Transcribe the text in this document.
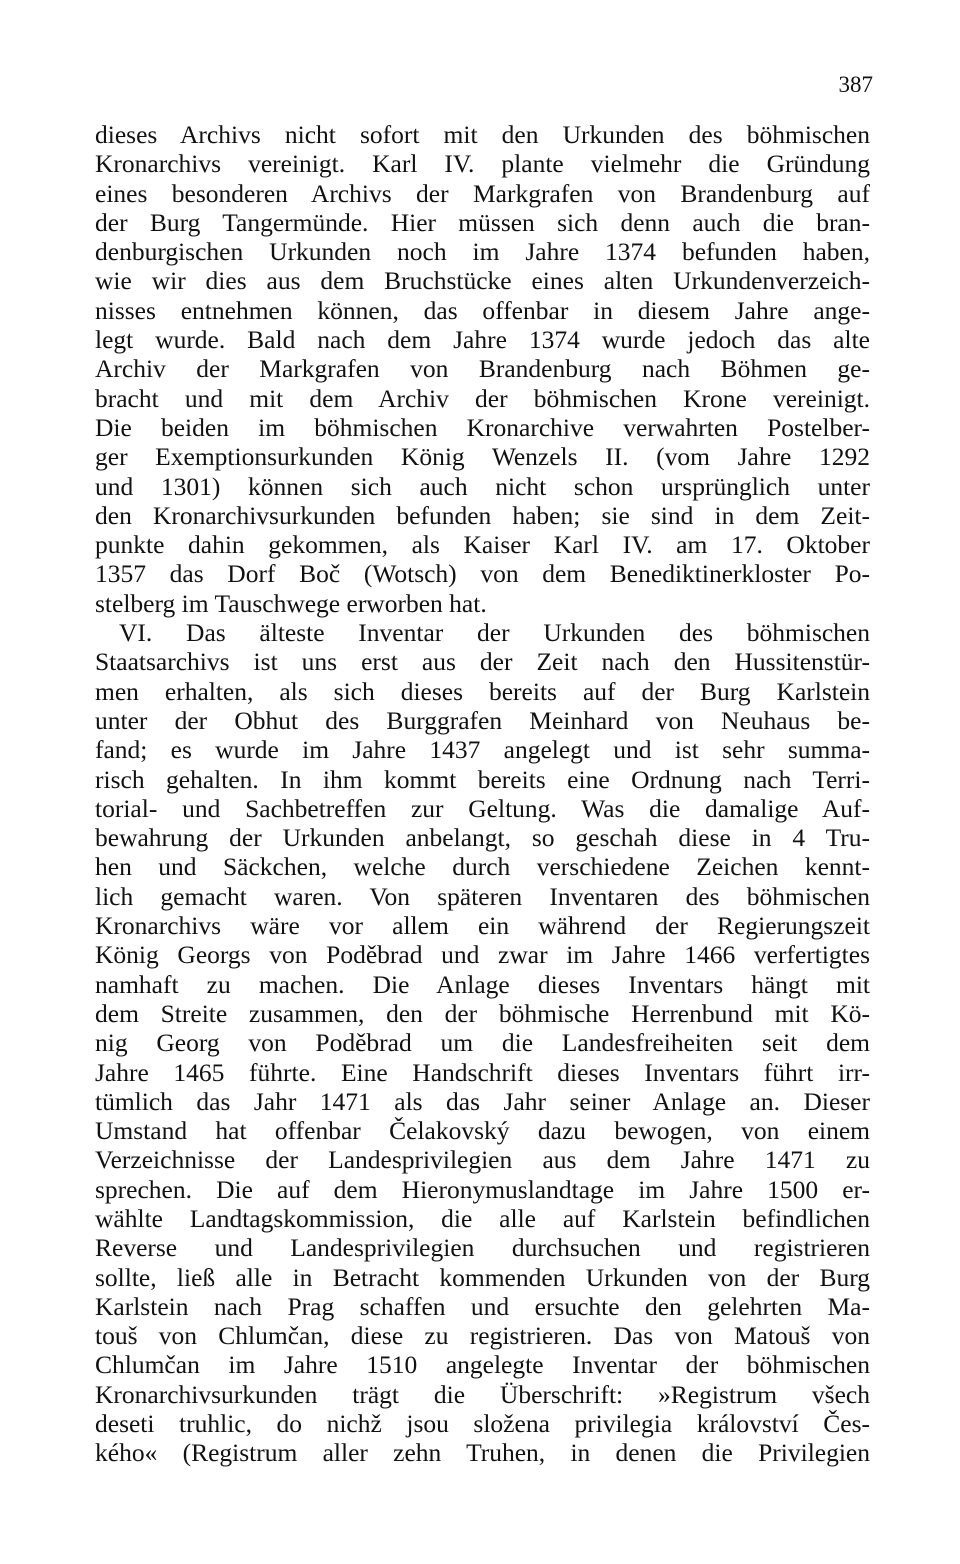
387
dieses Archivs nicht sofort mit den Urkunden des böhmischen
Kronarchivs vereinigt. Karl IV. plante vielmehr die Gründung
eines besonderen Archivs der Markgrafen von Brandenburg auf
der Burg Tangermünde. Hier müssen sich denn auch die bran-
denburgischen Urkunden noch im Jahre 1374 befunden haben,
wie wir dies aus dem Bruchstücke eines alten Urkundenverzeich-
nisses entnehmen können, das offenbar in diesem Jahre ange-
legt wurde. Bald nach dem Jahre 1374 wurde jedoch das alte
Archiv der Markgrafen von Brandenburg nach Böhmen ge-
bracht und mit dem Archiv der böhmischen Krone vereinigt.
Die beiden im böhmischen Kronarchive verwahrten Postelber-
ger Exemptionsurkunden König Wenzels II. (vom Jahre 1292
und 1301) können sich auch nicht schon ursprünglich unter
den Kronarchivsurkunden befunden haben; sie sind in dem Zeit-
punkte dahin gekommen, als Kaiser Karl IV. am 17. Oktober
1357 das Dorf Boč (Wotsch) von dem Benediktinerkloster Po-
stelberg im Tauschwege erworben hat.
VI. Das älteste Inventar der Urkunden des böhmischen
Staatsarchivs ist uns erst aus der Zeit nach den Hussitenstür-
men erhalten, als sich dieses bereits auf der Burg Karlstein
unter der Obhut des Burggrafen Meinhard von Neuhaus be-
fand; es wurde im Jahre 1437 angelegt und ist sehr summa-
risch gehalten. In ihm kommt bereits eine Ordnung nach Terri-
torial- und Sachbetreffen zur Geltung. Was die damalige Auf-
bewahrung der Urkunden anbelangt, so geschah diese in 4 Tru-
hen und Säckchen, welche durch verschiedene Zeichen kennt-
lich gemacht waren. Von späteren Inventaren des böhmischen
Kronarchivs wäre vor allem ein während der Regierungszeit
König Georgs von Poděbrad und zwar im Jahre 1466 verfertigtes
namhaft zu machen. Die Anlage dieses Inventars hängt mit
dem Streite zusammen, den der böhmische Herrenbund mit Kö-
nig Georg von Poděbrad um die Landesfreiheiten seit dem
Jahre 1465 führte. Eine Handschrift dieses Inventars führt irr-
tümlich das Jahr 1471 als das Jahr seiner Anlage an. Dieser
Umstand hat offenbar Čelakovský dazu bewogen, von einem
Verzeichnisse der Landesprivilegien aus dem Jahre 1471 zu
sprechen. Die auf dem Hieronymuslandtage im Jahre 1500 er-
wählte Landtagskommission, die alle auf Karlstein befindlichen
Reverse und Landesprivilegien durchsuchen und registrieren
sollte, ließ alle in Betracht kommenden Urkunden von der Burg
Karlstein nach Prag schaffen und ersuchte den gelehrten Ma-
touš von Chlumčan, diese zu registrieren. Das von Matouš von
Chlumčan im Jahre 1510 angelegte Inventar der böhmischen
Kronarchivsurkunden trägt die Überschrift: »Registrum všech
deseti truhlic, do nichž jsou složena privilegia království Čes-
kého« (Registrum aller zehn Truhen, in denen die Privilegien
